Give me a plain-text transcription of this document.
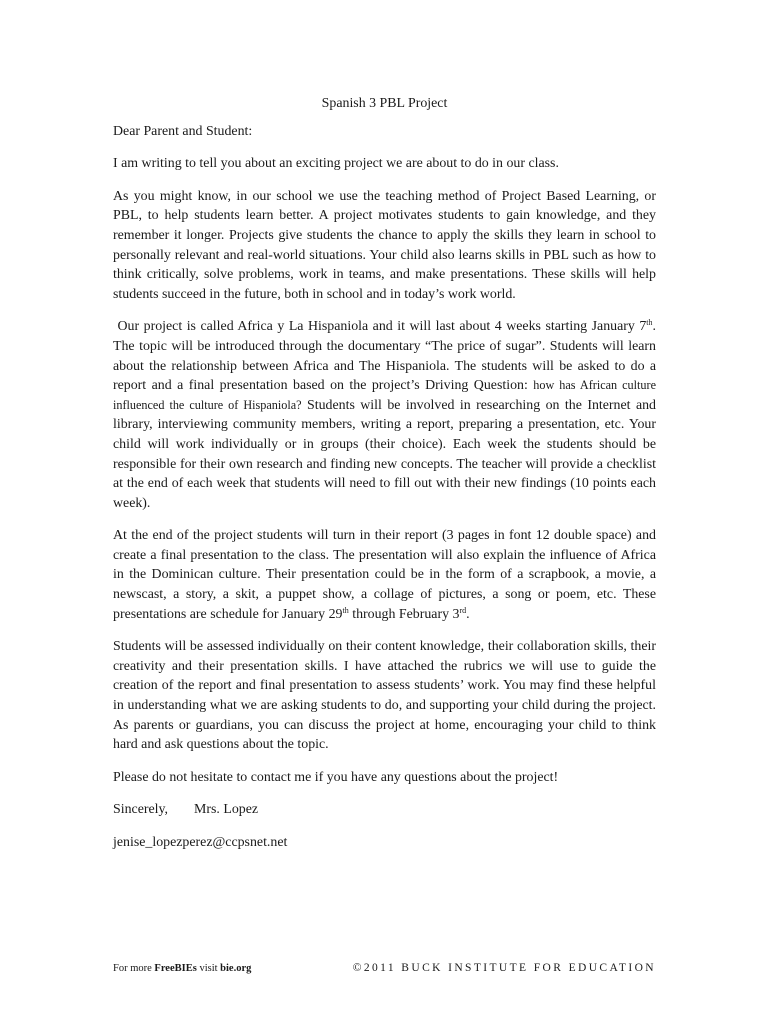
Spanish 3 PBL Project
Dear Parent and Student:
I am writing to tell you about an exciting project we are about to do in our class.
As you might know, in our school we use the teaching method of Project Based Learning, or PBL, to help students learn better. A project motivates students to gain knowledge, and they remember it longer. Projects give students the chance to apply the skills they learn in school to personally relevant and real-world situations. Your child also learns skills in PBL such as how to think critically, solve problems, work in teams, and make presentations. These skills will help students succeed in the future, both in school and in today’s work world.
Our project is called Africa y La Hispaniola and it will last about 4 weeks starting January 7th. The topic will be introduced through the documentary “The price of sugar”. Students will learn about the relationship between Africa and The Hispaniola. The students will be asked to do a report and a final presentation based on the project’s Driving Question: how has African culture influenced the culture of Hispaniola? Students will be involved in researching on the Internet and library, interviewing community members, writing a report, preparing a presentation, etc. Your child will work individually or in groups (their choice). Each week the students should be responsible for their own research and finding new concepts. The teacher will provide a checklist at the end of each week that students will need to fill out with their new findings (10 points each week).
At the end of the project students will turn in their report (3 pages in font 12 double space) and create a final presentation to the class. The presentation will also explain the influence of Africa in the Dominican culture. Their presentation could be in the form of a scrapbook, a movie, a newscast, a story, a skit, a puppet show, a collage of pictures, a song or poem, etc. These presentations are schedule for January 29th through February 3rd.
Students will be assessed individually on their content knowledge, their collaboration skills, their creativity and their presentation skills. I have attached the rubrics we will use to guide the creation of the report and final presentation to assess students’ work. You may find these helpful in understanding what we are asking students to do, and supporting your child during the project. As parents or guardians, you can discuss the project at home, encouraging your child to think hard and ask questions about the topic.
Please do not hesitate to contact me if you have any questions about the project!
Sincerely, Mrs. Lopez
jenise_lopezperez@ccpsnet.net
For more FreeBIEs visit bie.org	©2011 BUCK INSTITUTE FOR EDUCATION
